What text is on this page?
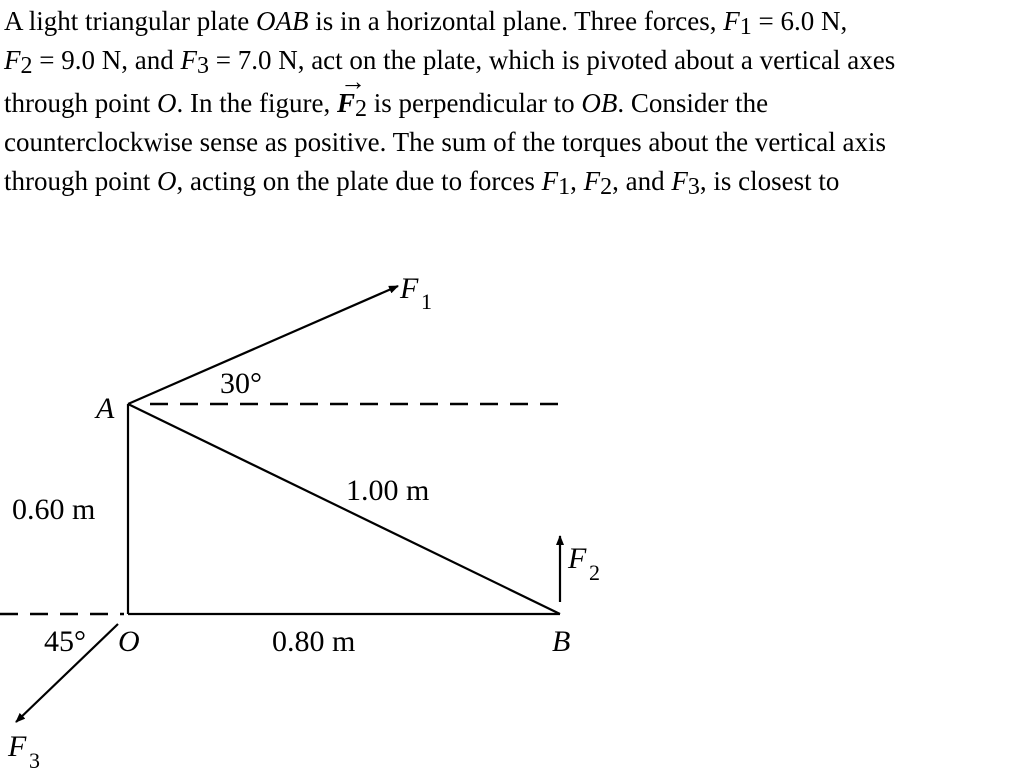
A light triangular plate OAB is in a horizontal plane. Three forces, $F_1 = 6.0$ N,

$F_2 = 9.0$ N, and $F_3 = 7.0$ N, act on the plate, which is pivoted about a vertical axes

through point O. In the figure, → $F_2$ is perpendicular to OB. Consider the

counterclockwise sense as positive. The sum of the torques about the vertical axis

through point O, acting on the plate due to forces $F_1$, $F_2$, and $F_3$, is closest to

A
O	B
F 1
F 2
F 3
30°
45°
0.60 m
1.00 m
0.80 m
